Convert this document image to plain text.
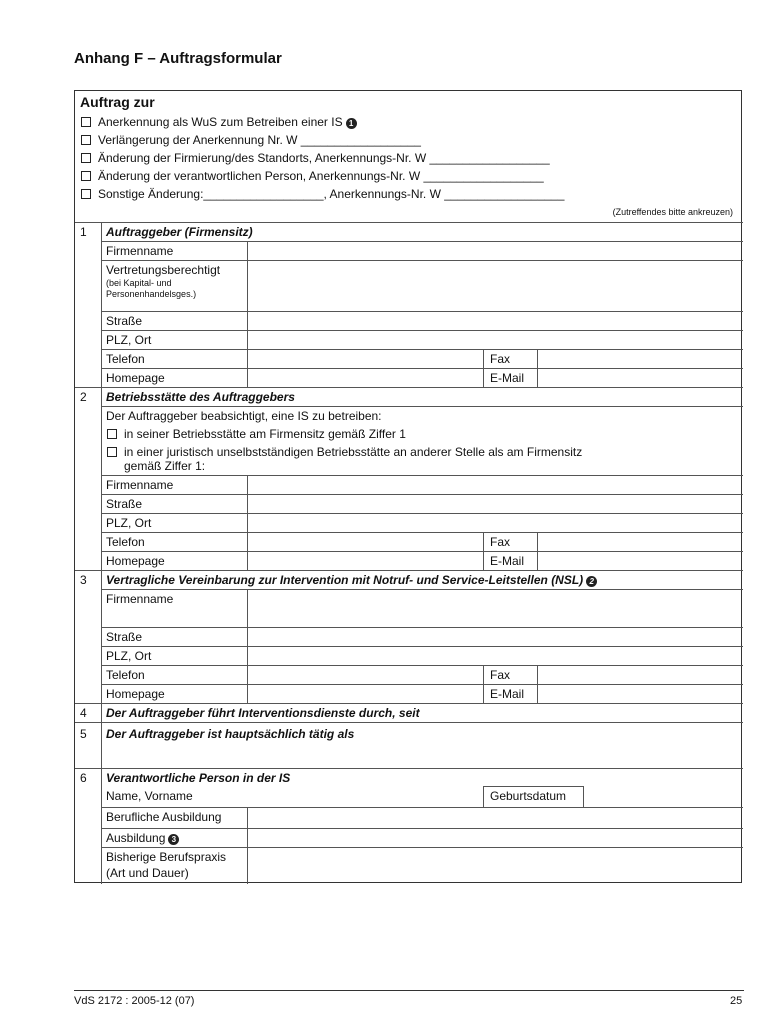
Anhang F – Auftragsformular
Auftrag zur
Anerkennung als WuS zum Betreiben einer IS 1
Verlängerung der Anerkennung Nr. W __________________
Änderung der Firmierung/des Standorts, Anerkennungs-Nr. W __________________
Änderung der verantwortlichen Person, Anerkennungs-Nr. W __________________
Sonstige Änderung:__________________, Anerkennungs-Nr. W __________________
(Zutreffendes bitte ankreuzen)
1 Auftraggeber (Firmensitz)
Firmenname
Vertretungsberechtigt
(bei Kapital- und
Personenhandelsges.)
Straße
PLZ, Ort
Telefon	Fax
Homepage	E-Mail
2 Betriebsstätte des Auftraggebers
Der Auftraggeber beabsichtigt, eine IS zu betreiben:
in seiner Betriebsstätte am Firmensitz gemäß Ziffer 1
in einer juristisch unselbstständigen Betriebsstätte an anderer Stelle als am Firmensitz
gemäß Ziffer 1:
Firmenname
Straße
PLZ, Ort
Telefon	Fax
Homepage	E-Mail
3 Vertragliche Vereinbarung zur Intervention mit Notruf- und Service-Leitstellen (NSL) 2
Firmenname
Straße
PLZ, Ort
Telefon	Fax
Homepage	E-Mail
4 Der Auftraggeber führt Interventionsdienste durch, seit
5 Der Auftraggeber ist hauptsächlich tätig als
6 Verantwortliche Person in der IS
Name, Vorname	Geburtsdatum
Berufliche Ausbildung
Ausbildung 3
Bisherige Berufspraxis
(Art und Dauer)
VdS 2172 : 2005-12 (07)	25
